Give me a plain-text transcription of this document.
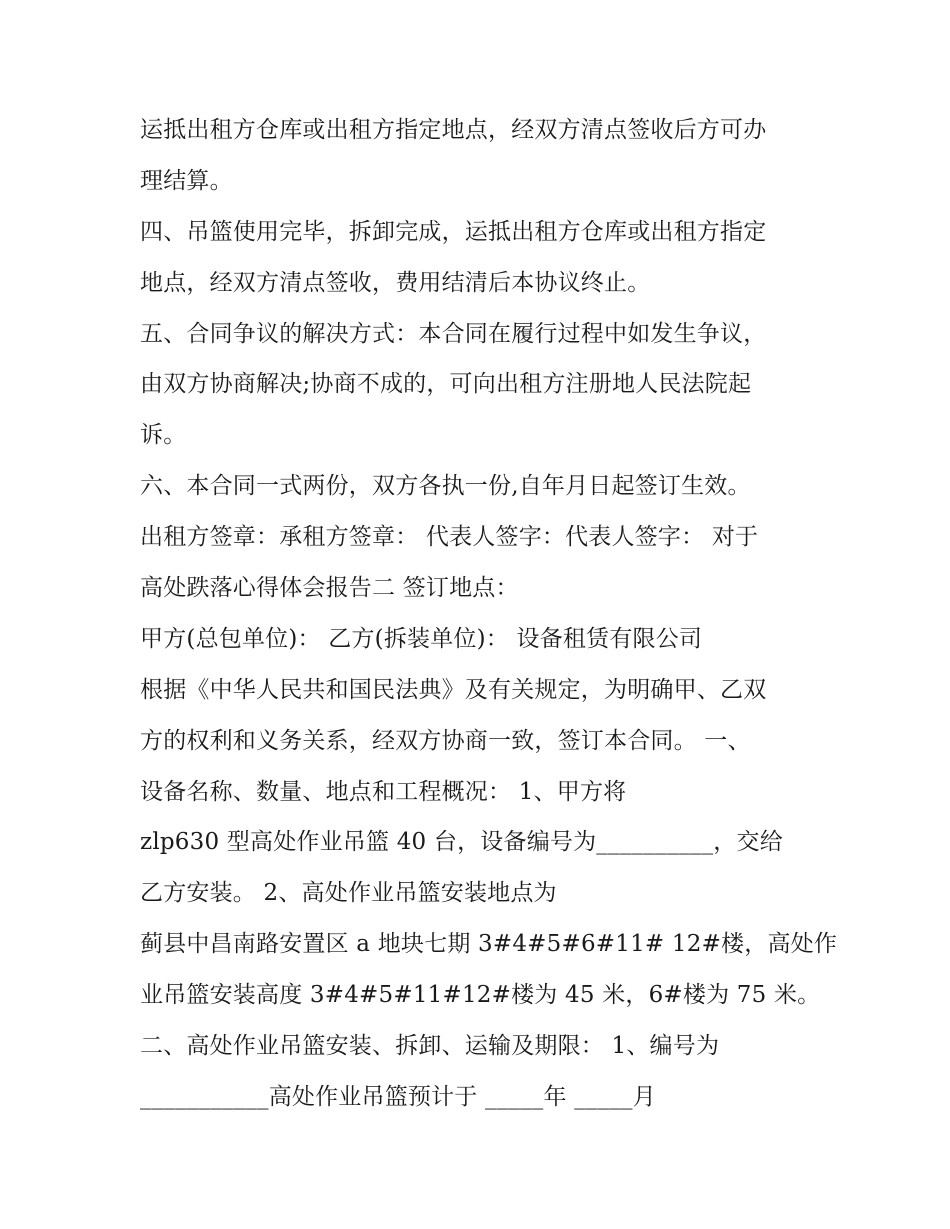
运抵出租方仓库或出租方指定地点，经双方清点签收后方可办
理结算。
四、吊篮使用完毕，拆卸完成，运抵出租方仓库或出租方指定
地点，经双方清点签收，费用结清后本协议终止。
五、合同争议的解决方式：本合同在履行过程中如发生争议，
由双方协商解决;协商不成的，可向出租方注册地人民法院起
诉。
六、本合同一式两份，双方各执一份,自年月日起签订生效。
出租方签章：承租方签章： 代表人签字：代表人签字： 对于
高处跌落心得体会报告二 签订地点：
甲方(总包单位)： 乙方(拆装单位)： 设备租赁有限公司
根据《中华人民共和国民法典》及有关规定，为明确甲、乙双
方的权利和义务关系，经双方协商一致，签订本合同。 一、
设备名称、数量、地点和工程概况： 1、甲方将
zlp630 型高处作业吊篮 40 台，设备编号为__________，交给
乙方安装。 2、高处作业吊篮安装地点为
蓟县中昌南路安置区 a 地块七期 3#4#5#6#11# 12#楼，高处作
业吊篮安装高度 3#4#5#11#12#楼为 45 米，6#楼为 75 米。
二、高处作业吊篮安装、拆卸、运输及期限： 1、编号为
___________高处作业吊篮预计于 _____年 _____月
